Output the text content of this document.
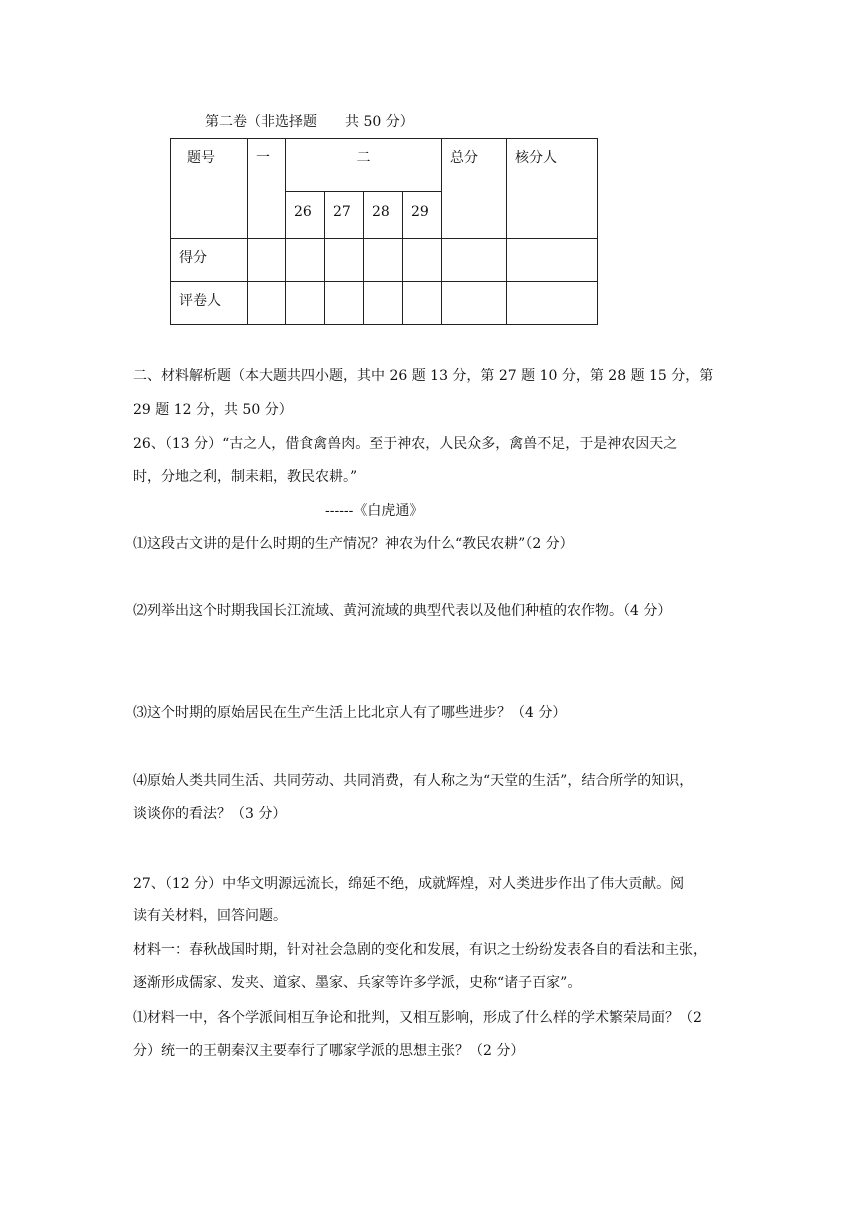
第二卷（非选择题　　共 50 分）
题号	一	二				总分	核分人

		26	27	28	29		

得分							

评卷人							

二、材料解析题（本大题共四小题，其中 26 题 13 分，第 27 题 10 分，第 28 题 15 分，第
29 题 12 分，共 50 分）
26、（13 分）“古之人，借食禽兽肉。至于神农，人民众多，禽兽不足，于是神农因天之
时，分地之利，制耒耜，教民农耕。”
------《白虎通》
⑴这段古文讲的是什么时期的生产情况？神农为什么“教民农耕”（2 分）
⑵列举出这个时期我国长江流域、黄河流域的典型代表以及他们种植的农作物。（4 分）
⑶这个时期的原始居民在生产生活上比北京人有了哪些进步？（4 分）
⑷原始人类共同生活、共同劳动、共同消费，有人称之为“天堂的生活”，结合所学的知识，
谈谈你的看法？（3 分）
27、（12 分）中华文明源远流长，绵延不绝，成就辉煌，对人类进步作出了伟大贡献。阅
读有关材料，回答问题。
材料一：春秋战国时期，针对社会急剧的变化和发展，有识之士纷纷发表各自的看法和主张，
逐渐形成儒家、发夹、道家、墨家、兵家等许多学派，史称“诸子百家”。
⑴材料一中，各个学派间相互争论和批判，又相互影响，形成了什么样的学术繁荣局面？（2
分）统一的王朝秦汉主要奉行了哪家学派的思想主张？（2 分）
